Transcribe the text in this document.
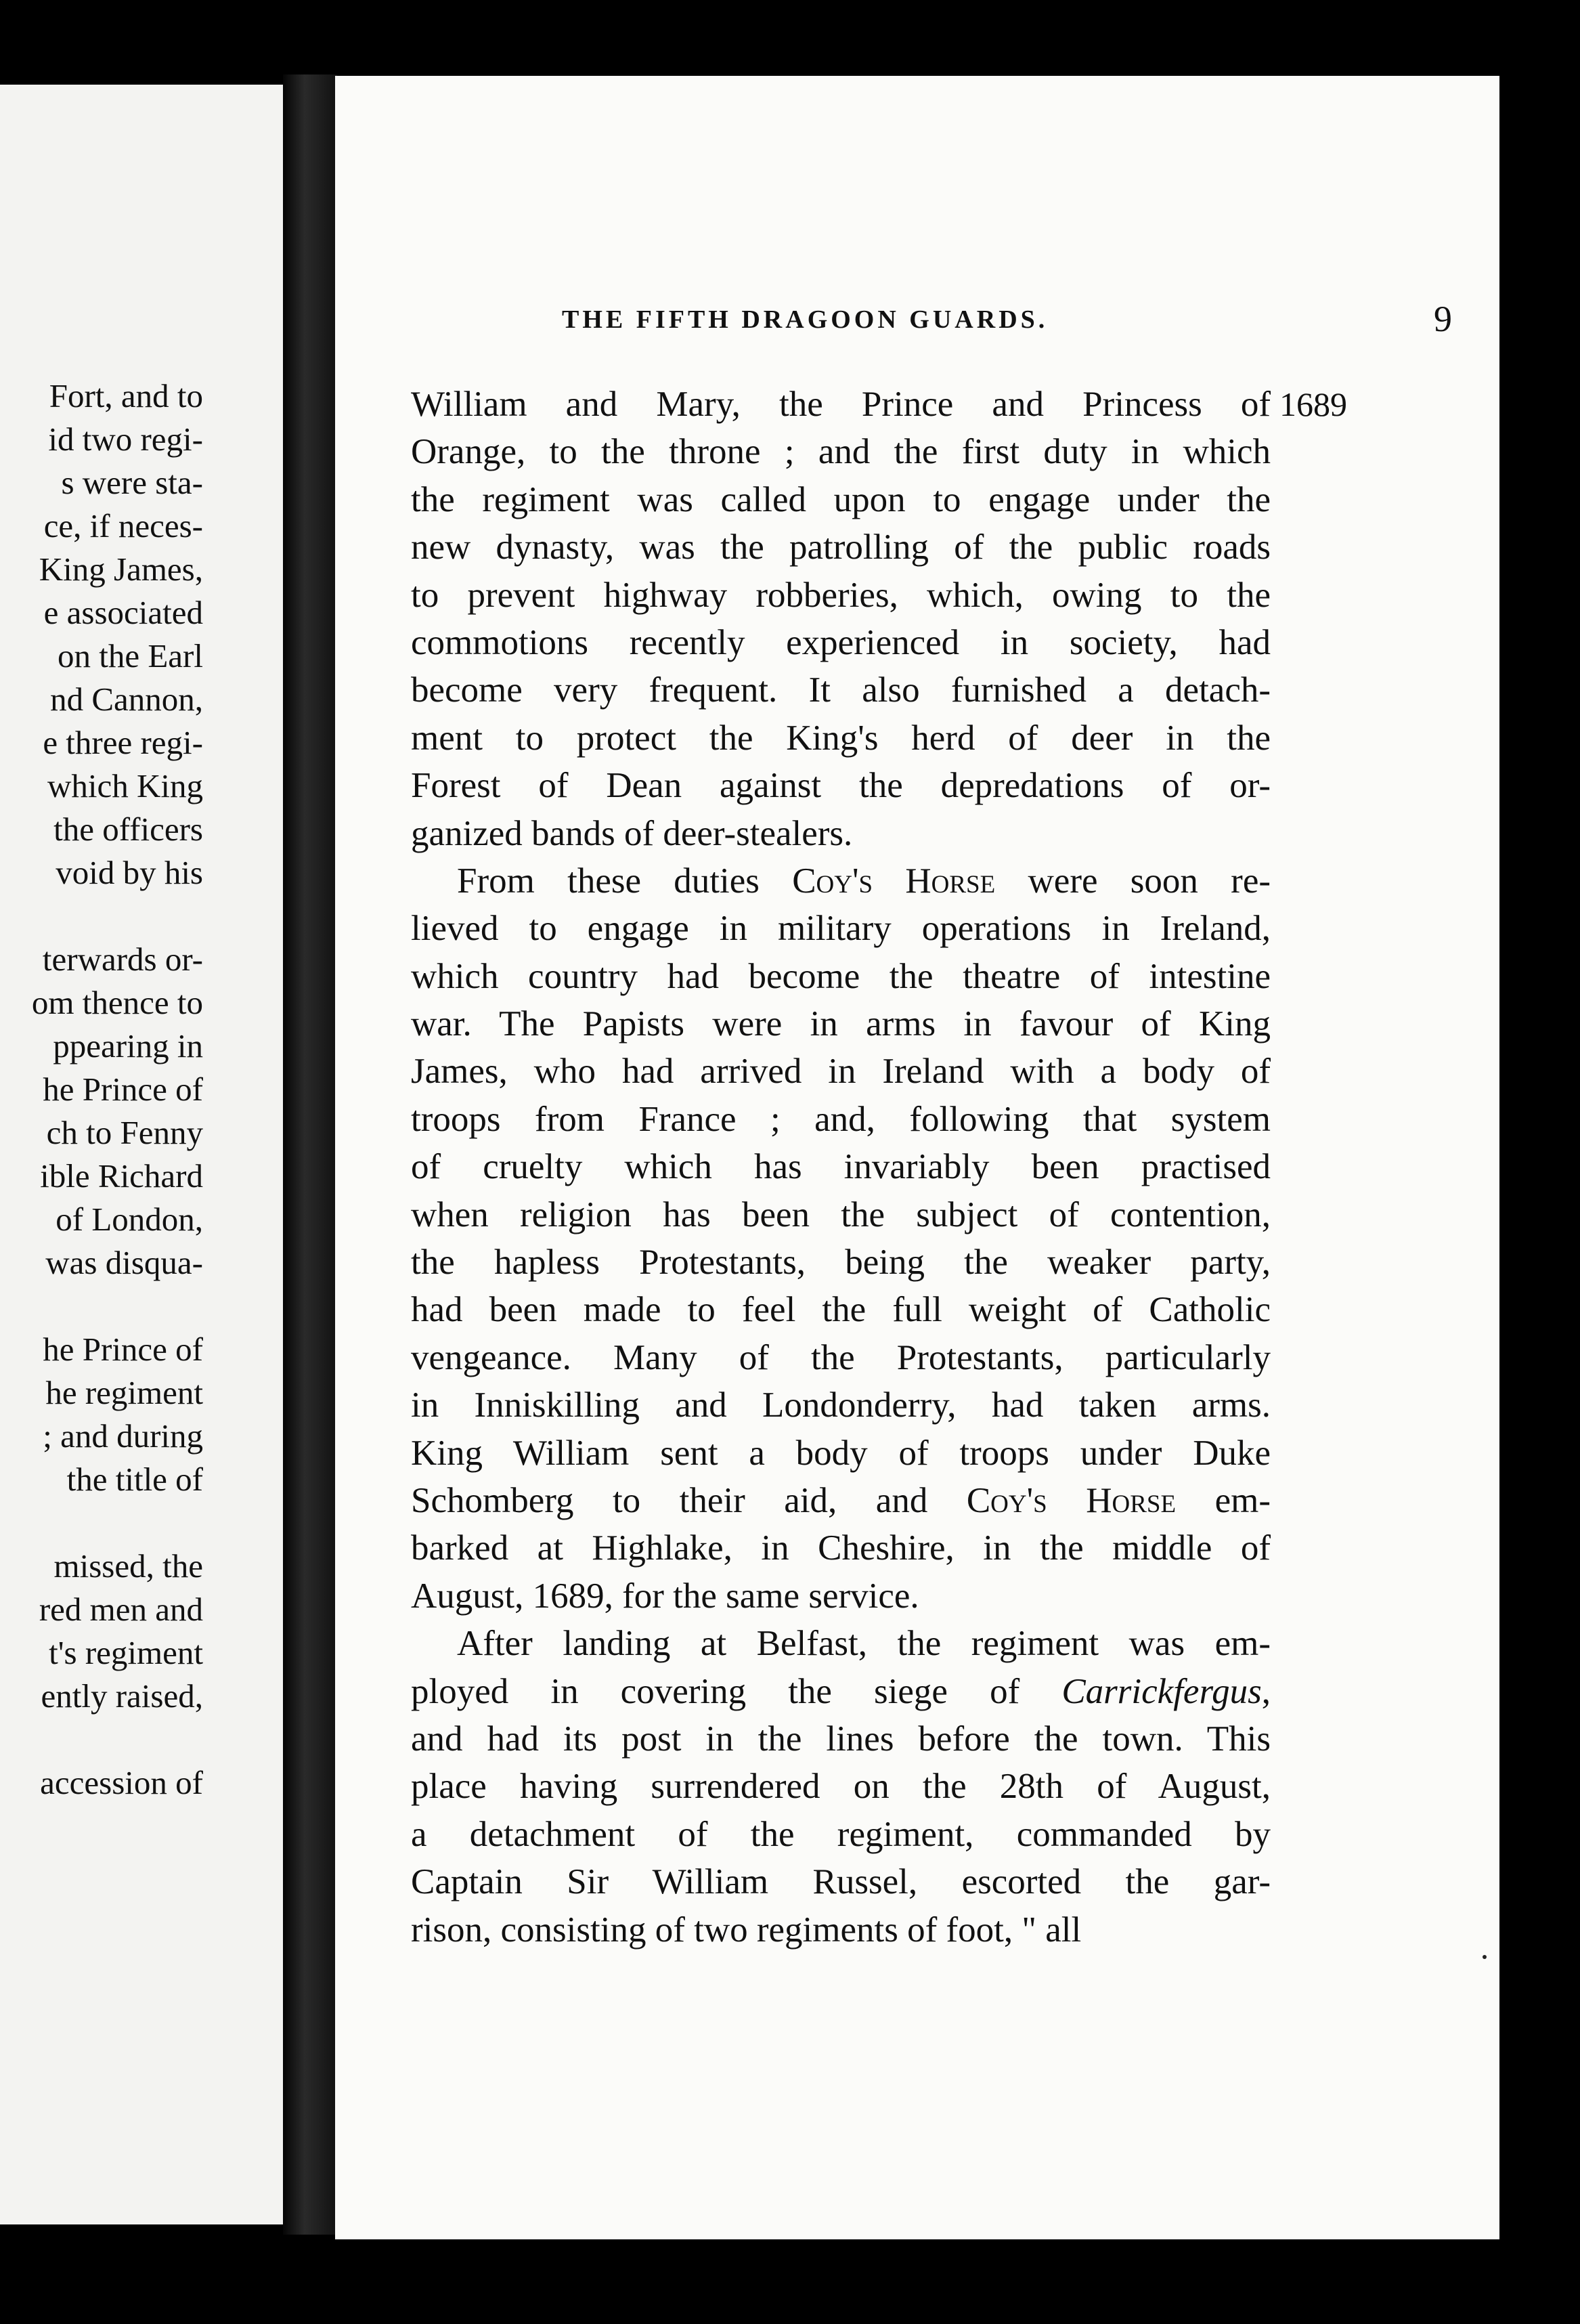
Fort, and to
id two regi-
s were sta-
ce, if neces-
King James,
e associated
on the Earl
nd Cannon,
e three regi-
which King
the officers
void by his
terwards or-
om thence to
ppearing in
he Prince of
ch to Fenny
ible Richard
of London,
was disqua-
he Prince of
he regiment
; and during
the title of
missed, the
red men and
t's regiment
ently raised,
accession of
THE FIFTH DRAGOON GUARDS.	9
1689
William and Mary, the Prince and Princess of
Orange, to the throne ; and the first duty in which
the regiment was called upon to engage under the
new dynasty, was the patrolling of the public roads
to prevent highway robberies, which, owing to the
commotions recently experienced in society, had
become very frequent. It also furnished a detach-
ment to protect the King's herd of deer in the
Forest of Dean against the depredations of or-
ganized bands of deer-stealers.
From these duties Coy's Horse were soon re-
lieved to engage in military operations in Ireland,
which country had become the theatre of intestine
war. The Papists were in arms in favour of King
James, who had arrived in Ireland with a body of
troops from France ; and, following that system
of cruelty which has invariably been practised
when religion has been the subject of contention,
the hapless Protestants, being the weaker party,
had been made to feel the full weight of Catholic
vengeance. Many of the Protestants, particularly
in Inniskilling and Londonderry, had taken arms.
King William sent a body of troops under Duke
Schomberg to their aid, and Coy's Horse em-
barked at Highlake, in Cheshire, in the middle of
August, 1689, for the same service.
After landing at Belfast, the regiment was em-
ployed in covering the siege of Carrickfergus,
and had its post in the lines before the town. This
place having surrendered on the 28th of August,
a detachment of the regiment, commanded by
Captain Sir William Russel, escorted the gar-
rison, consisting of two regiments of foot, " all
